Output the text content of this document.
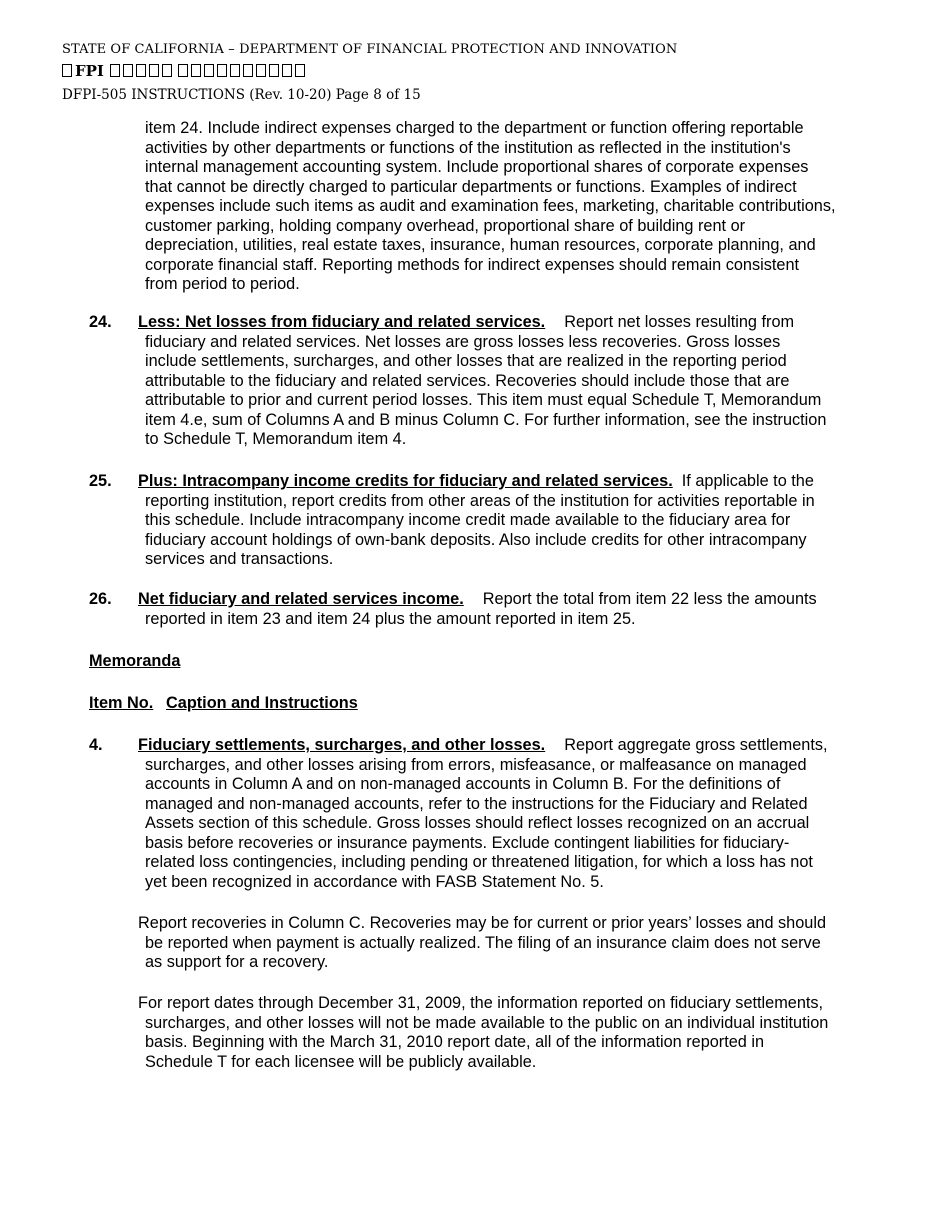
STATE OF CALIFORNIA – DEPARTMENT OF FINANCIAL PROTECTION AND INNOVATION
FPI
DFPI-505 INSTRUCTIONS (Rev. 10-20) Page 8 of 15
item 24. Include indirect expenses charged to the department or function offering reportable
activities by other departments or functions of the institution as reflected in the institution's
internal management accounting system. Include proportional shares of corporate expenses
that cannot be directly charged to particular departments or functions. Examples of indirect
expenses include such items as audit and examination fees, marketing, charitable contributions,
customer parking, holding company overhead, proportional share of building rent or
depreciation, utilities, real estate taxes, insurance, human resources, corporate planning, and
corporate financial staff. Reporting methods for indirect expenses should remain consistent
from period to period.
24. Less: Net losses from fiduciary and related services. Report net losses resulting from
fiduciary and related services. Net losses are gross losses less recoveries. Gross losses
include settlements, surcharges, and other losses that are realized in the reporting period
attributable to the fiduciary and related services. Recoveries should include those that are
attributable to prior and current period losses. This item must equal Schedule T, Memorandum
item 4.e, sum of Columns A and B minus Column C. For further information, see the instruction
to Schedule T, Memorandum item 4.
25. Plus: Intracompany income credits for fiduciary and related services. If applicable to the
reporting institution, report credits from other areas of the institution for activities reportable in
this schedule. Include intracompany income credit made available to the fiduciary area for
fiduciary account holdings of own-bank deposits. Also include credits for other intracompany
services and transactions.
26. Net fiduciary and related services income. Report the total from item 22 less the amounts
reported in item 23 and item 24 plus the amount reported in item 25.
Memoranda
Item No. Caption and Instructions
4. Fiduciary settlements, surcharges, and other losses. Report aggregate gross settlements,
surcharges, and other losses arising from errors, misfeasance, or malfeasance on managed
accounts in Column A and on non-managed accounts in Column B. For the definitions of
managed and non-managed accounts, refer to the instructions for the Fiduciary and Related
Assets section of this schedule. Gross losses should reflect losses recognized on an accrual
basis before recoveries or insurance payments. Exclude contingent liabilities for fiduciary-
related loss contingencies, including pending or threatened litigation, for which a loss has not
yet been recognized in accordance with FASB Statement No. 5.
Report recoveries in Column C. Recoveries may be for current or prior years’ losses and should
be reported when payment is actually realized. The filing of an insurance claim does not serve
as support for a recovery.
For report dates through December 31, 2009, the information reported on fiduciary settlements,
surcharges, and other losses will not be made available to the public on an individual institution
basis. Beginning with the March 31, 2010 report date, all of the information reported in
Schedule T for each licensee will be publicly available.
